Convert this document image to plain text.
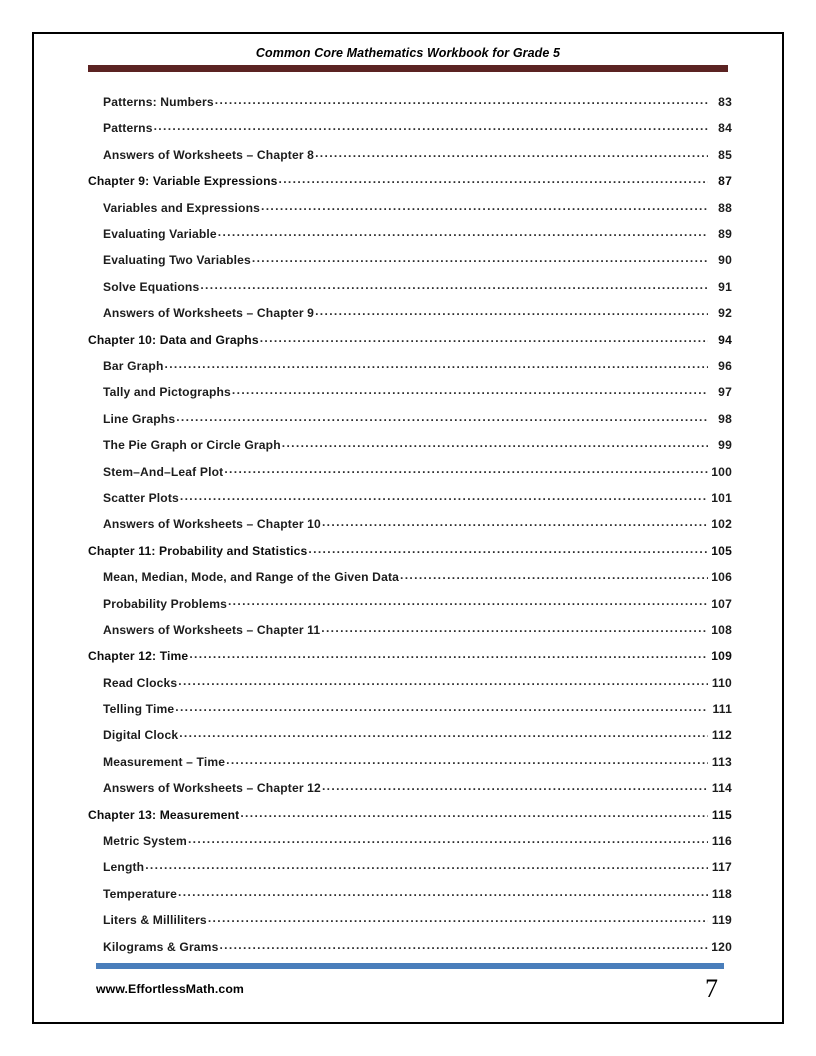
Common Core Mathematics Workbook for Grade 5
Patterns: Numbers .....	83
Patterns .....	84
Answers of Worksheets – Chapter 8 .....	85
Chapter 9: Variable Expressions .....	87
Variables and Expressions .....	88
Evaluating Variable .....	89
Evaluating Two Variables .....	90
Solve Equations .....	91
Answers of Worksheets – Chapter 9 .....	92
Chapter 10: Data and Graphs .....	94
Bar Graph .....	96
Tally and Pictographs .....	97
Line Graphs .....	98
The Pie Graph or Circle Graph .....	99
Stem–And–Leaf Plot .....	100
Scatter Plots .....	101
Answers of Worksheets – Chapter 10 .....	102
Chapter 11: Probability and Statistics .....	105
Mean, Median, Mode, and Range of the Given Data .....	106
Probability Problems .....	107
Answers of Worksheets – Chapter 11 .....	108
Chapter 12: Time .....	109
Read Clocks .....	110
Telling Time .....	111
Digital Clock .....	112
Measurement – Time .....	113
Answers of Worksheets – Chapter 12 .....	114
Chapter 13: Measurement .....	115
Metric System .....	116
Length .....	117
Temperature .....	118
Liters & Milliliters .....	119
Kilograms & Grams .....	120
www.EffortlessMath.com	7
